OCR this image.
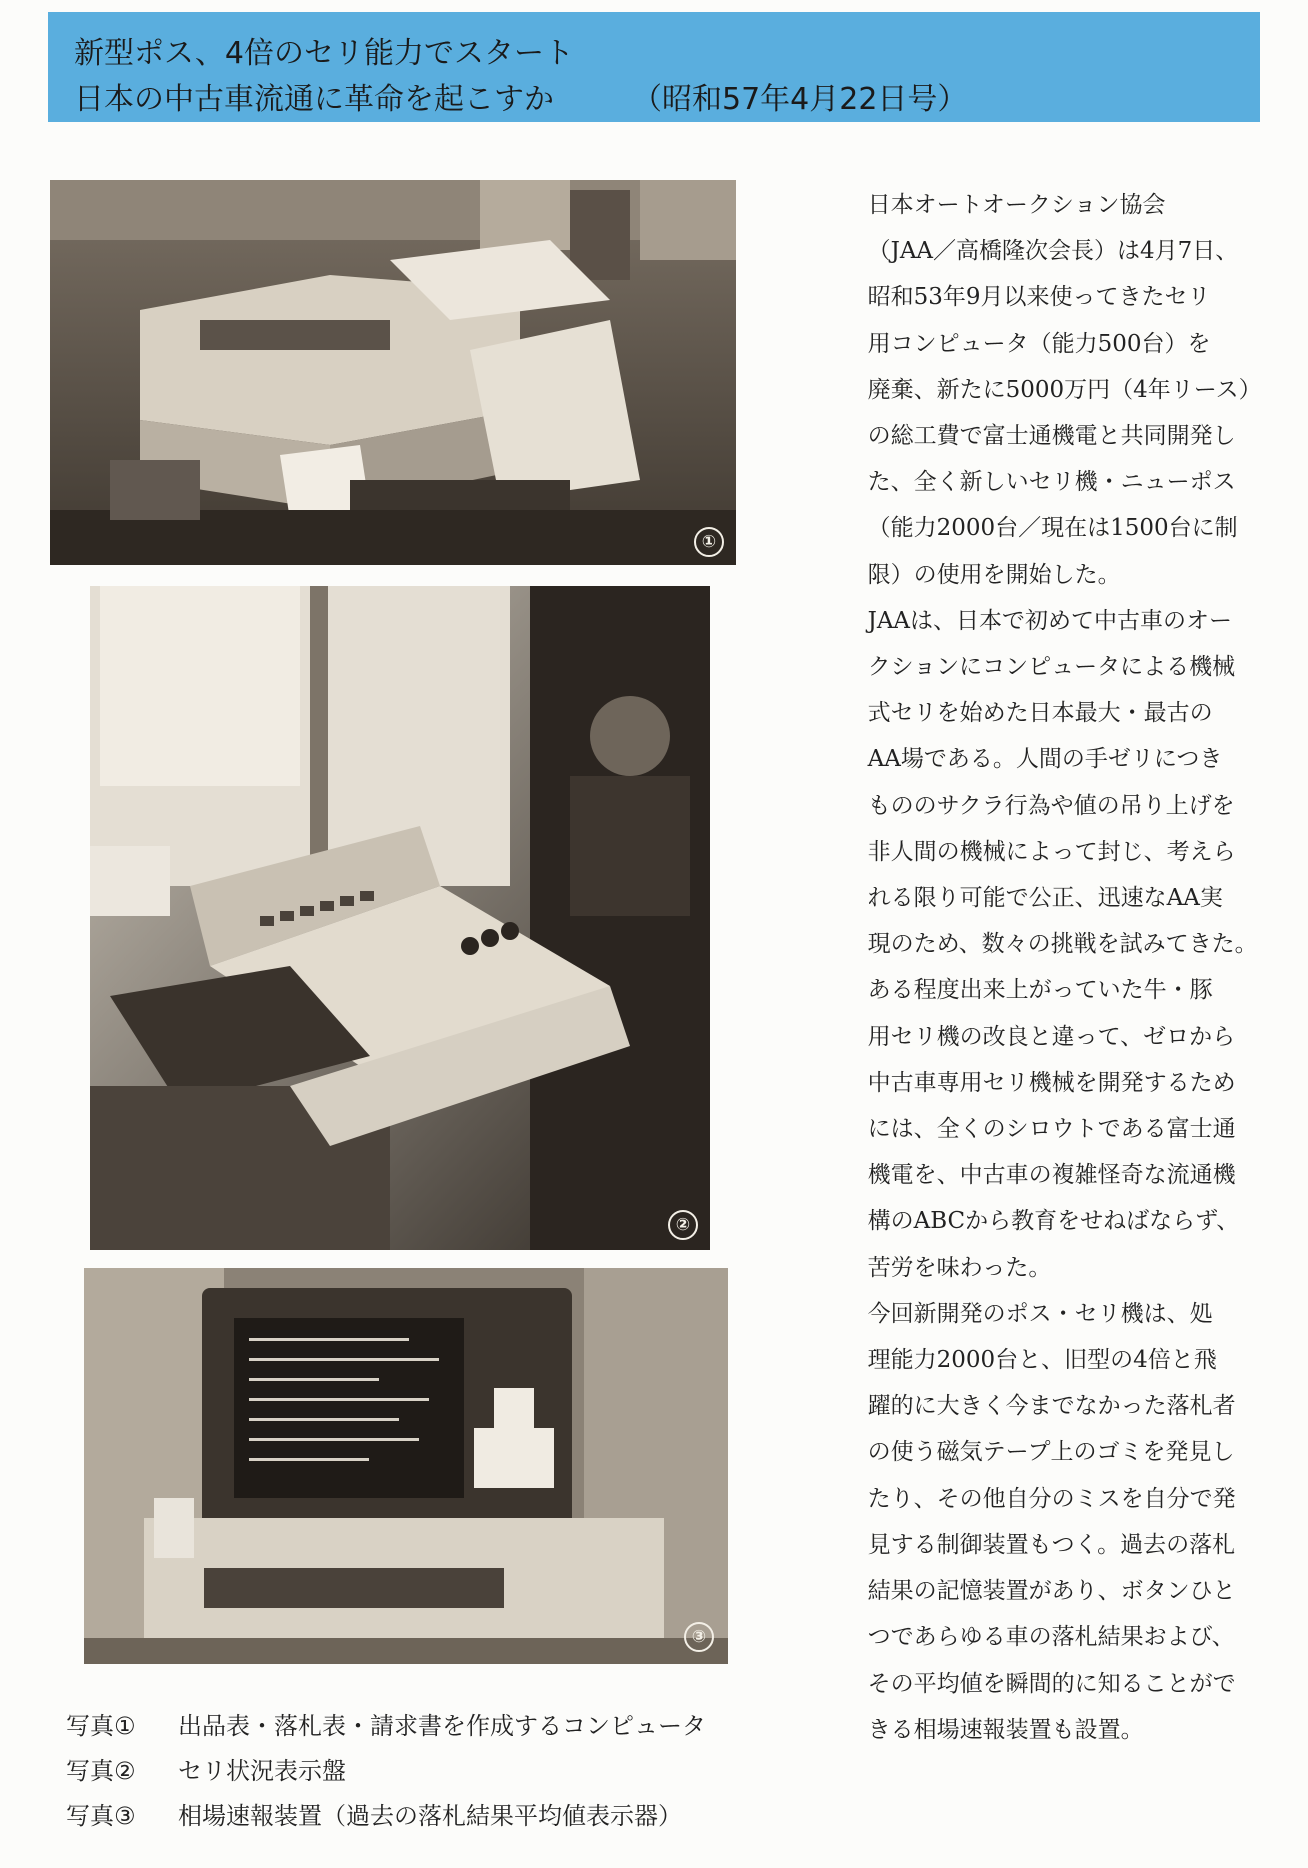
新型ポス、4倍のセリ能力でスタート
日本の中古車流通に革命を起こすか	（昭和57年4月22日号）
①
②
③

日本オートオークション協会
（JAA／高橋隆次会長）は4月7日、
昭和53年9月以来使ってきたセリ
用コンピュータ（能力500台）を
廃棄、新たに5000万円（4年リース）
の総工費で富士通機電と共同開発し
た、全く新しいセリ機・ニューポス
（能力2000台／現在は1500台に制
限）の使用を開始した。

JAAは、日本で初めて中古車のオー
クションにコンピュータによる機械
式セリを始めた日本最大・最古の
AA場である。人間の手ゼリにつき
もののサクラ行為や値の吊り上げを
非人間の機械によって封じ、考えら
れる限り可能で公正、迅速なAA実
現のため、数々の挑戦を試みてきた。

ある程度出来上がっていた牛・豚
用セリ機の改良と違って、ゼロから
中古車専用セリ機械を開発するため
には、全くのシロウトである富士通
機電を、中古車の複雑怪奇な流通機
構のABCから教育をせねばならず、
苦労を味わった。

今回新開発のポス・セリ機は、処
理能力2000台と、旧型の4倍と飛
躍的に大きく今までなかった落札者
の使う磁気テープ上のゴミを発見し
たり、その他自分のミスを自分で発
見する制御装置もつく。過去の落札
結果の記憶装置があり、ボタンひと
つであらゆる車の落札結果および、
その平均値を瞬間的に知ることがで
きる相場速報装置も設置。

写真① 出品表・落札表・請求書を作成するコンピュータ
写真② セリ状況表示盤
写真③ 相場速報装置（過去の落札結果平均値表示器）
